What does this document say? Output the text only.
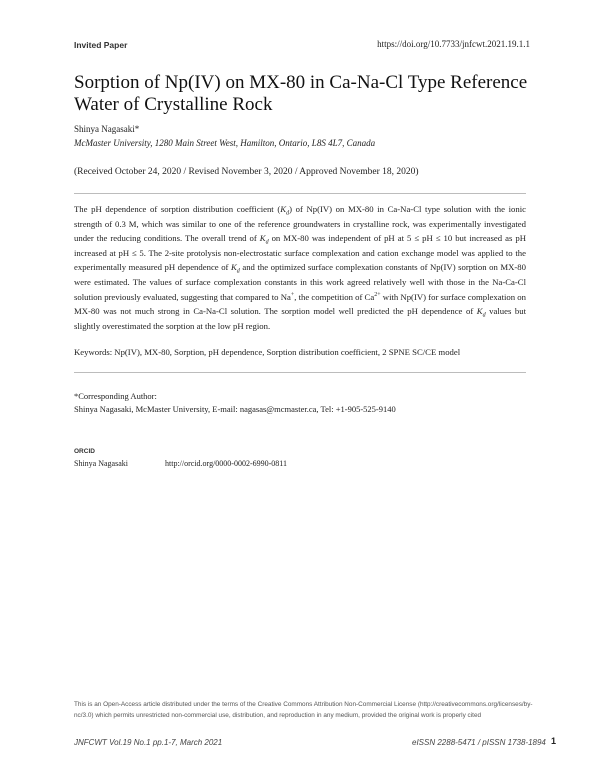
Invited Paper	https://doi.org/10.7733/jnfcwt.2021.19.1.1
Sorption of Np(IV) on MX-80 in Ca-Na-Cl Type Reference Water of Crystalline Rock
Shinya Nagasaki*
McMaster University, 1280 Main Street West, Hamilton, Ontario, L8S 4L7, Canada
(Received October 24, 2020 / Revised November 3, 2020 / Approved November 18, 2020)

The pH dependence of sorption distribution coefficient $(K_d)$ of Np(IV) on MX-80 in Ca-Na-Cl type solution with the ionic strength of 0.3 M, which was similar to one of the reference groundwaters in crystalline rock, was experimentally investigated under the reducing conditions. The overall trend of $K_d$ on MX-80 was independent of pH at 5 ≤ pH ≤ 10 but increased as pH increased at pH ≤ 5. The 2-site protolysis non-electrostatic surface complexation and cation exchange model was applied to the experimentally measured pH dependence of $K_d$ and the optimized surface complexation constants of Np(IV) sorption on MX-80 were estimated. The values of surface complexation constants in this work agreed relatively well with those in the Na-Ca-Cl solution previously evaluated, suggesting that compared to Na+, the competition of $Ca^{2+}$ with Np(IV) for surface complexation on MX-80 was not much strong in Ca-Na-Cl solution. The sorption model well predicted the pH dependence of $K_d$ values but slightly overestimated the sorption at the low pH region.

Keywords: Np(IV), MX-80, Sorption, pH dependence, Sorption distribution coefficient, 2 SPNE SC/CE model
*Corresponding Author:
Shinya Nagasaki, McMaster University, E-mail: nagasas@mcmaster.ca, Tel: +1-905-525-9140
ORCID
Shinya Nagasaki	http://orcid.org/0000-0002-6990-0811
This is an Open-Access article distributed under the terms of the Creative Commons Attribution Non-Commercial License (http://creativecommons.org/licenses/by-nc/3.0) which permits unrestricted non-commercial use, distribution, and reproduction in any medium, provided the original work is properly cited
JNFCWT Vol.19 No.1 pp.1-7, March 2021	eISSN 2288-5471 / pISSN 1738-1894 1
